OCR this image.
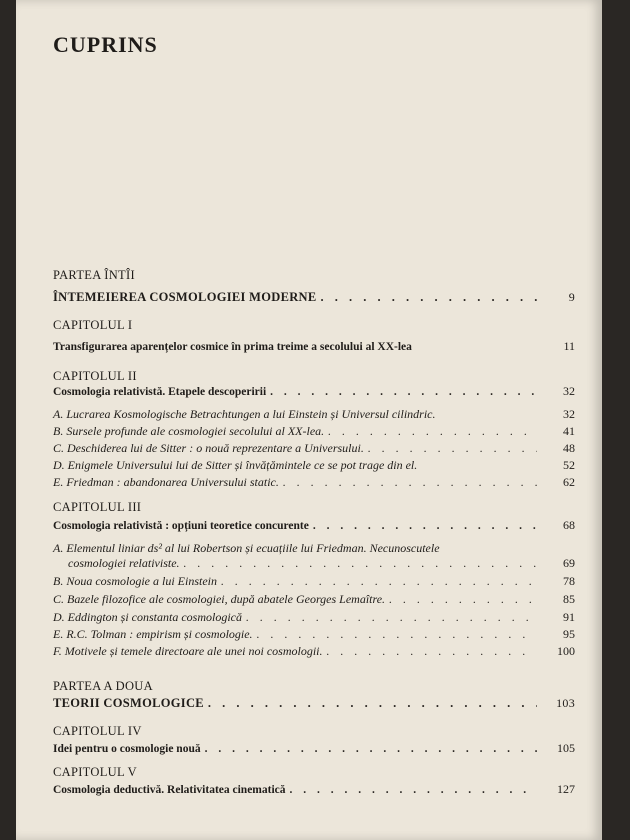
CUPRINS
PARTEA ÎNTÎI
ÎNTEMEIEREA COSMOLOGIEI MODERNE . . .	9
CAPITOLUL I
Transfigurarea aparențelor cosmice în prima treime a secolului al XX-lea	11
CAPITOLUL II
Cosmologia relativistă. Etapele descoperirii . . .	32
A. Lucrarea Kosmologische Betrachtungen a lui Einstein și Universul cilindric.	32
B. Sursele profunde ale cosmologiei secolului al XX-lea. . . .	41
C. Deschiderea lui de Sitter : o nouă reprezentare a Universului. . . .	48
D. Enigmele Universului lui de Sitter și învățămintele ce se pot trage din el.	52
E. Friedman : abandonarea Universului static. . . .	62
CAPITOLUL III
Cosmologia relativistă : opțiuni teoretice concurente . . .	68
A. Elementul liniar ds² al lui Robertson și ecuațiile lui Friedman. Necunoscutele
cosmologiei relativiste. . . .	69
B. Noua cosmologie a lui Einstein . . .	78
C. Bazele filozofice ale cosmologiei, după abatele Georges Lemaître. . . .	85
D. Eddington și constanta cosmologică . . .	91
E. R.C. Tolman : empirism și cosmologie. . . .	95
F. Motivele și temele directoare ale unei noi cosmologii. . . .	100
PARTEA A DOUA
TEORII COSMOLOGICE . . .	103
CAPITOLUL IV
Idei pentru o cosmologie nouă . . .	105
CAPITOLUL V
Cosmologia deductivă. Relativitatea cinematică . . .	127
